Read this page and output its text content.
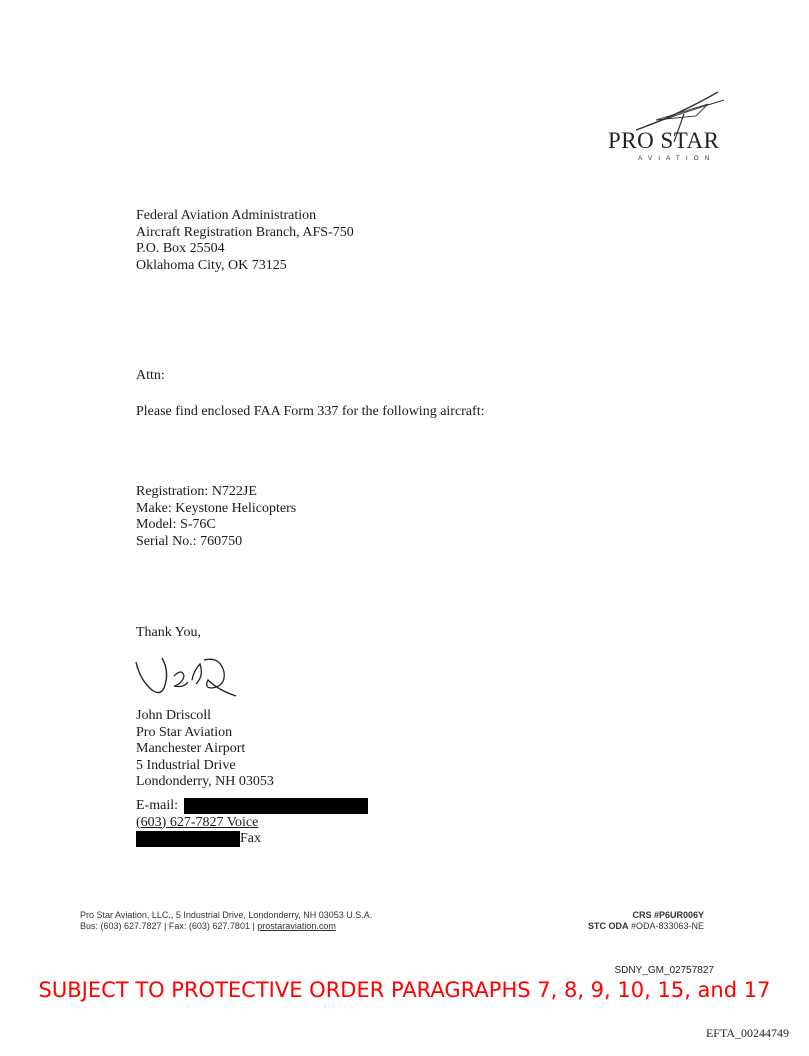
PRO STAR
AVIATION
Federal Aviation Administration
Aircraft Registration Branch, AFS-750
P.O. Box 25504
Oklahoma City, OK 73125
Attn:
Please find enclosed FAA Form 337 for the following aircraft:
Registration: N722JE
Make: Keystone Helicopters
Model: S-76C
Serial No.: 760750
Thank You,
John Driscoll
Pro Star Aviation
Manchester Airport
5 Industrial Drive
Londonderry, NH 03053
E-mail:
(603) 627-7827 Voice
Fax
Pro Star Aviation, LLC., 5 Industrial Drive, Londonderry, NH 03053 U.S.A.
Bus: (603) 627.7827 | Fax: (603) 627.7801 | prostaraviation.com
CRS #P6UR006Y
STC ODA #ODA-833063-NE
SDNY_GM_02757827
SUBJECT TO PROTECTIVE ORDER PARAGRAPHS 7, 8, 9, 10, 15, and 17
EFTA_00244749
